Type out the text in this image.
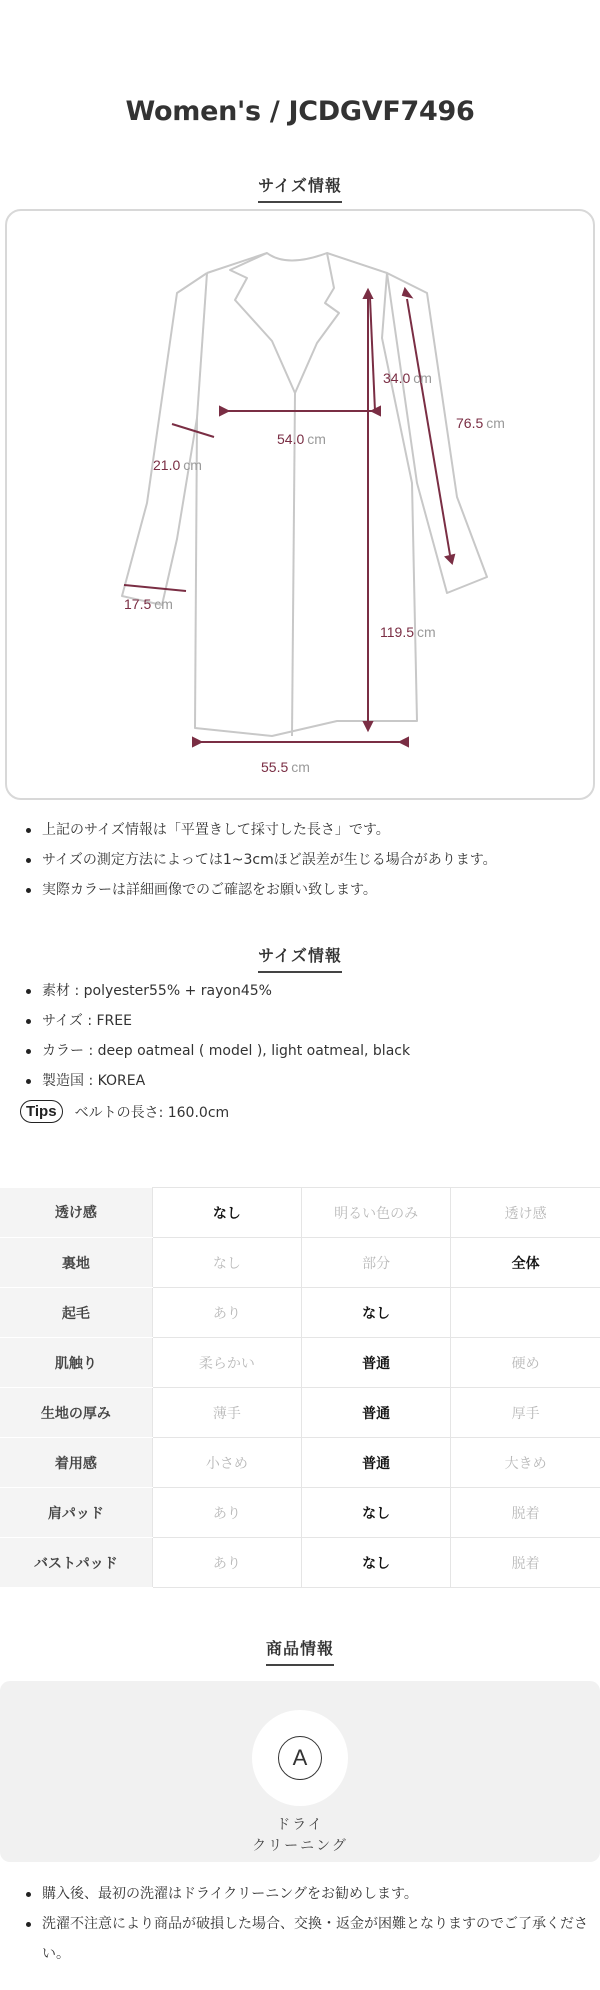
Women's / JCDGVF7496
サイズ情報
34.0 cm
76.5 cm
54.0 cm
21.0 cm
17.5 cm
119.5 cm
55.5 cm
上記のサイズ情報は「平置きして採寸した長さ」です。
サイズの測定方法によっては1~3cmほど誤差が生じる場合があります。
実際カラーは詳細画像でのご確認をお願い致します。
サイズ情報
素材 : polyester55% + rayon45%
サイズ : FREE
カラー : deep oatmeal ( model ), light oatmeal, black
製造国 : KOREA
Tips	ベルトの長さ: 160.0cm
透け感	なし	明るい色のみ	透け感
裏地	なし	部分	全体
起毛	あり	なし	
肌触り	柔らかい	普通	硬め
生地の厚み	薄手	普通	厚手
着用感	小さめ	普通	大きめ
肩パッド	あり	なし	脱着
バストパッド	あり	なし	脱着
商品情報
A
ドライ
クリーニング
購入後、最初の洗濯はドライクリーニングをお勧めします。
洗濯不注意により商品が破損した場合、交換・返金が困難となりますのでご了承ください。
